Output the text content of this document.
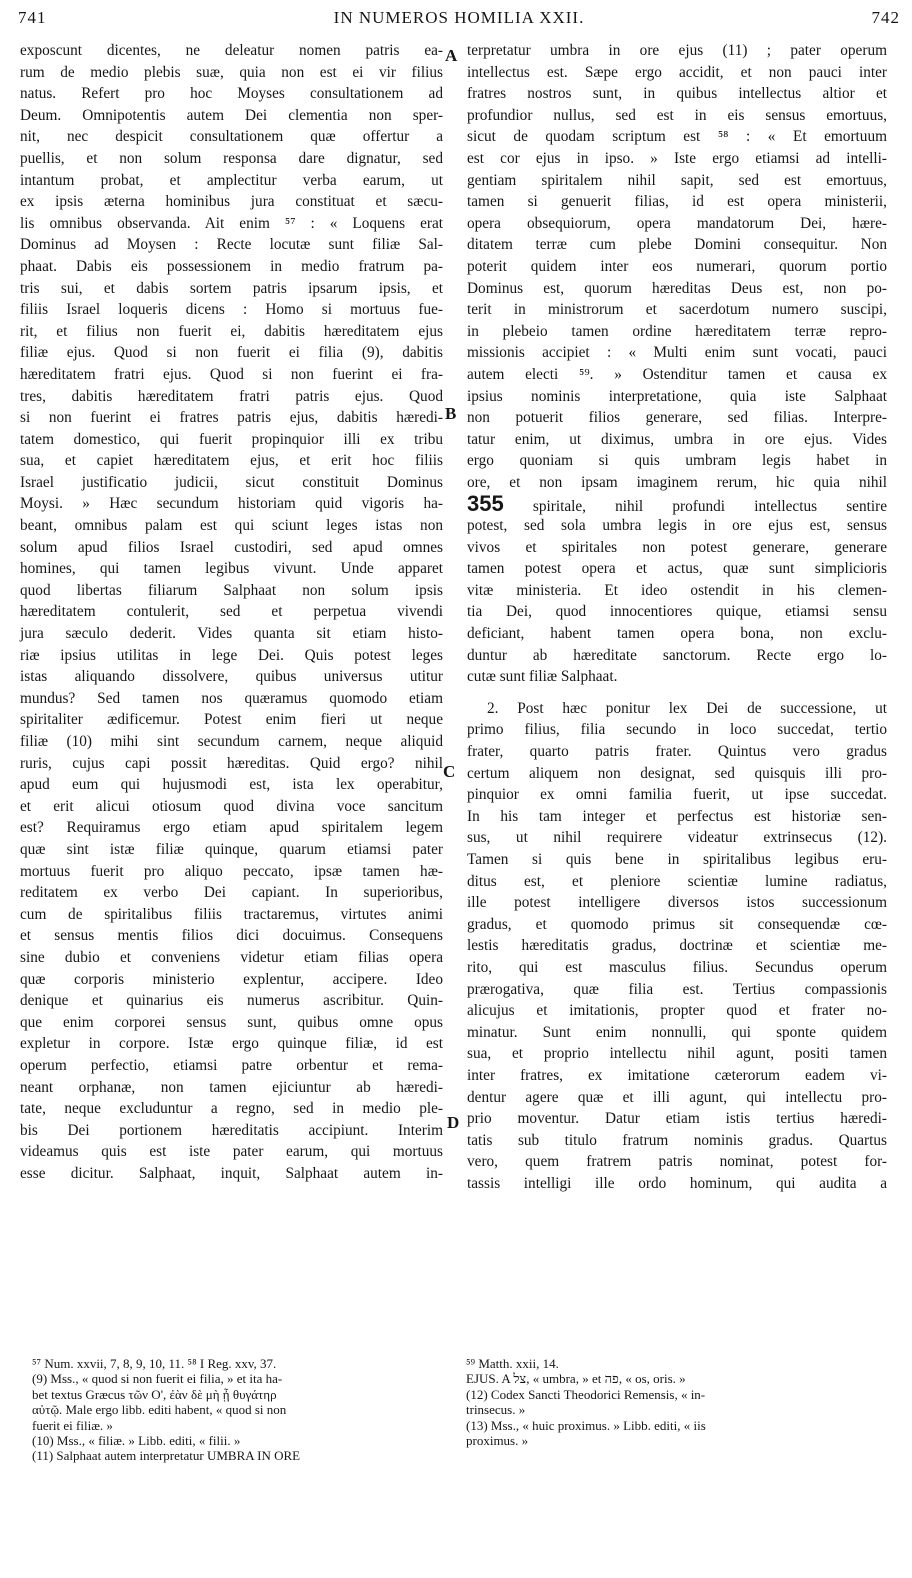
741	IN NUMEROS HOMILIA XXII.	742
exposcunt dicentes, ne deleatur nomen patris ea-
rum de medio plebis suæ, quia non est ei vir filius
natus. Refert pro hoc Moyses consultationem ad
Deum. Omnipotentis autem Dei clementia non sper-
nit, nec despicit consultationem quæ offertur a
puellis, et non solum responsa dare dignatur, sed
intantum probat, et amplectitur verba earum, ut
ex ipsis æterna hominibus jura constituat et sæcu-
lis omnibus observanda. Ait enim ⁵⁷ : « Loquens erat
Dominus ad Moysen : Recte locutæ sunt filiæ Sal-
phaat. Dabis eis possessionem in medio fratrum pa-
tris sui, et dabis sortem patris ipsarum ipsis, et
filiis Israel loqueris dicens : Homo si mortuus fue-
rit, et filius non fuerit ei, dabitis hæreditatem ejus
filiæ ejus. Quod si non fuerit ei filia (9), dabitis
hæreditatem fratri ejus. Quod si non fuerint ei fra-
tres, dabitis hæreditatem fratri patris ejus. Quod
si non fuerint ei fratres patris ejus, dabitis hæredi-
tatem domestico, qui fuerit propinquior illi ex tribu
sua, et capiet hæreditatem ejus, et erit hoc filiis
Israel justificatio judicii, sicut constituit Dominus
Moysi. » Hæc secundum historiam quid vigoris ha-
beant, omnibus palam est qui sciunt leges istas non
solum apud filios Israel custodiri, sed apud omnes
homines, qui tamen legibus vivunt. Unde apparet
quod libertas filiarum Salphaat non solum ipsis
hæreditatem contulerit, sed et perpetua vivendi
jura sæculo dederit. Vides quanta sit etiam histo-
riæ ipsius utilitas in lege Dei. Quis potest leges
istas aliquando dissolvere, quibus universus utitur
mundus? Sed tamen nos quæramus quomodo etiam
spiritaliter ædificemur. Potest enim fieri ut neque
filiæ (10) mihi sint secundum carnem, neque aliquid
ruris, cujus capi possit hæreditas. Quid ergo? nihil
apud eum qui hujusmodi est, ista lex operabitur,
et erit alicui otiosum quod divina voce sancitum
est? Requiramus ergo etiam apud spiritalem legem
quæ sint istæ filiæ quinque, quarum etiamsi pater
mortuus fuerit pro aliquo peccato, ipsæ tamen hæ-
reditatem ex verbo Dei capiant. In superioribus,
cum de spiritalibus filiis tractaremus, virtutes animi
et sensus mentis filios dici docuimus. Consequens
sine dubio et conveniens videtur etiam filias opera
quæ corporis ministerio explentur, accipere. Ideo
denique et quinarius eis numerus ascribitur. Quin-
que enim corporei sensus sunt, quibus omne opus
expletur in corpore. Istæ ergo quinque filiæ, id est
operum perfectio, etiamsi patre orbentur et rema-
neant orphanæ, non tamen ejiciuntur ab hæredi-
tate, neque excluduntur a regno, sed in medio ple-
bis Dei portionem hæreditatis accipiunt. Interim
videamus quis est iste pater earum, qui mortuus
esse dicitur. Salphaat, inquit, Salphaat autem in-
terpretatur umbra in ore ejus (11) ; pater operum
intellectus est. Sæpe ergo accidit, et non pauci inter
fratres nostros sunt, in quibus intellectus altior et
profundior nullus, sed est in eis sensus emortuus,
sicut de quodam scriptum est ⁵⁸ : « Et emortuum
est cor ejus in ipso. » Iste ergo etiamsi ad intelli-
gentiam spiritalem nihil sapit, sed est emortuus,
tamen si genuerit filias, id est opera ministerii,
opera obsequiorum, opera mandatorum Dei, hære-
ditatem terræ cum plebe Domini consequitur. Non
poterit quidem inter eos numerari, quorum portio
Dominus est, quorum hæreditas Deus est, non po-
terit in ministrorum et sacerdotum numero suscipi,
in plebeio tamen ordine hæreditatem terræ repro-
missionis accipiet : « Multi enim sunt vocati, pauci
autem electi ⁵⁹. » Ostenditur tamen et causa ex
ipsius nominis interpretatione, quia iste Salphaat
non potuerit filios generare, sed filias. Interpre-
tatur enim, ut diximus, umbra in ore ejus. Vides
ergo quoniam si quis umbram legis habet in
ore, et non ipsam imaginem rerum, hic quia nihil
355 spiritale, nihil profundi intellectus sentire
potest, sed sola umbra legis in ore ejus est, sensus
vivos et spiritales non potest generare, generare
tamen potest opera et actus, quæ sunt simplicioris
vitæ ministeria. Et ideo ostendit in his clemen-
tia Dei, quod innocentiores quique, etiamsi sensu
deficiant, habent tamen opera bona, non exclu-
duntur ab hæreditate sanctorum. Recte ergo lo-
cutæ sunt filiæ Salphaat.
2. Post hæc ponitur lex Dei de successione, ut
primo filius, filia secundo in loco succedat, tertio
frater, quarto patris frater. Quintus vero gradus
certum aliquem non designat, sed quisquis illi pro-
pinquior ex omni familia fuerit, ut ipse succedat.
In his tam integer et perfectus est historiæ sen-
sus, ut nihil requirere videatur extrinsecus (12).
Tamen si quis bene in spiritalibus legibus eru-
ditus est, et pleniore scientiæ lumine radiatus,
ille potest intelligere diversos istos successionum
gradus, et quomodo primus sit consequendæ cœ-
lestis hæreditatis gradus, doctrinæ et scientiæ me-
rito, qui est masculus filius. Secundus operum
prærogativa, quæ filia est. Tertius compassionis
alicujus et imitationis, propter quod et frater no-
minatur. Sunt enim nonnulli, qui sponte quidem
sua, et proprio intellectu nihil agunt, positi tamen
inter fratres, ex imitatione cæterorum eadem vi-
dentur agere quæ et illi agunt, qui intellectu pro-
prio moventur. Datur etiam istis tertius hæredi-
tatis sub titulo fratrum nominis gradus. Quartus
vero, quem fratrem patris nominat, potest for-
tassis intelligi ille ordo hominum, qui audita a
A
B
C
D
⁵⁷ Num. xxvii, 7, 8, 9, 10, 11. ⁵⁸ I Reg. xxv, 37.
(9) Mss., « quod si non fuerit ei filia, » et ita ha-
bet textus Græcus τῶν Ο', ἐὰν δὲ μὴ ᾖ θυγάτηρ
αὐτῷ. Male ergo libb. editi habent, « quod si non
fuerit ei filiæ. »
(10) Mss., « filiæ. » Libb. editi, « filii. »
(11) Salphaat autem interpretatur UMBRA IN ORE
⁵⁹ Matth. xxii, 14.
EJUS. A צל, « umbra, » et פה, « os, oris. »
(12) Codex Sancti Theodorici Remensis, « in-
trinsecus. »
(13) Mss., « huic proximus. » Libb. editi, « iis
proximus. »
